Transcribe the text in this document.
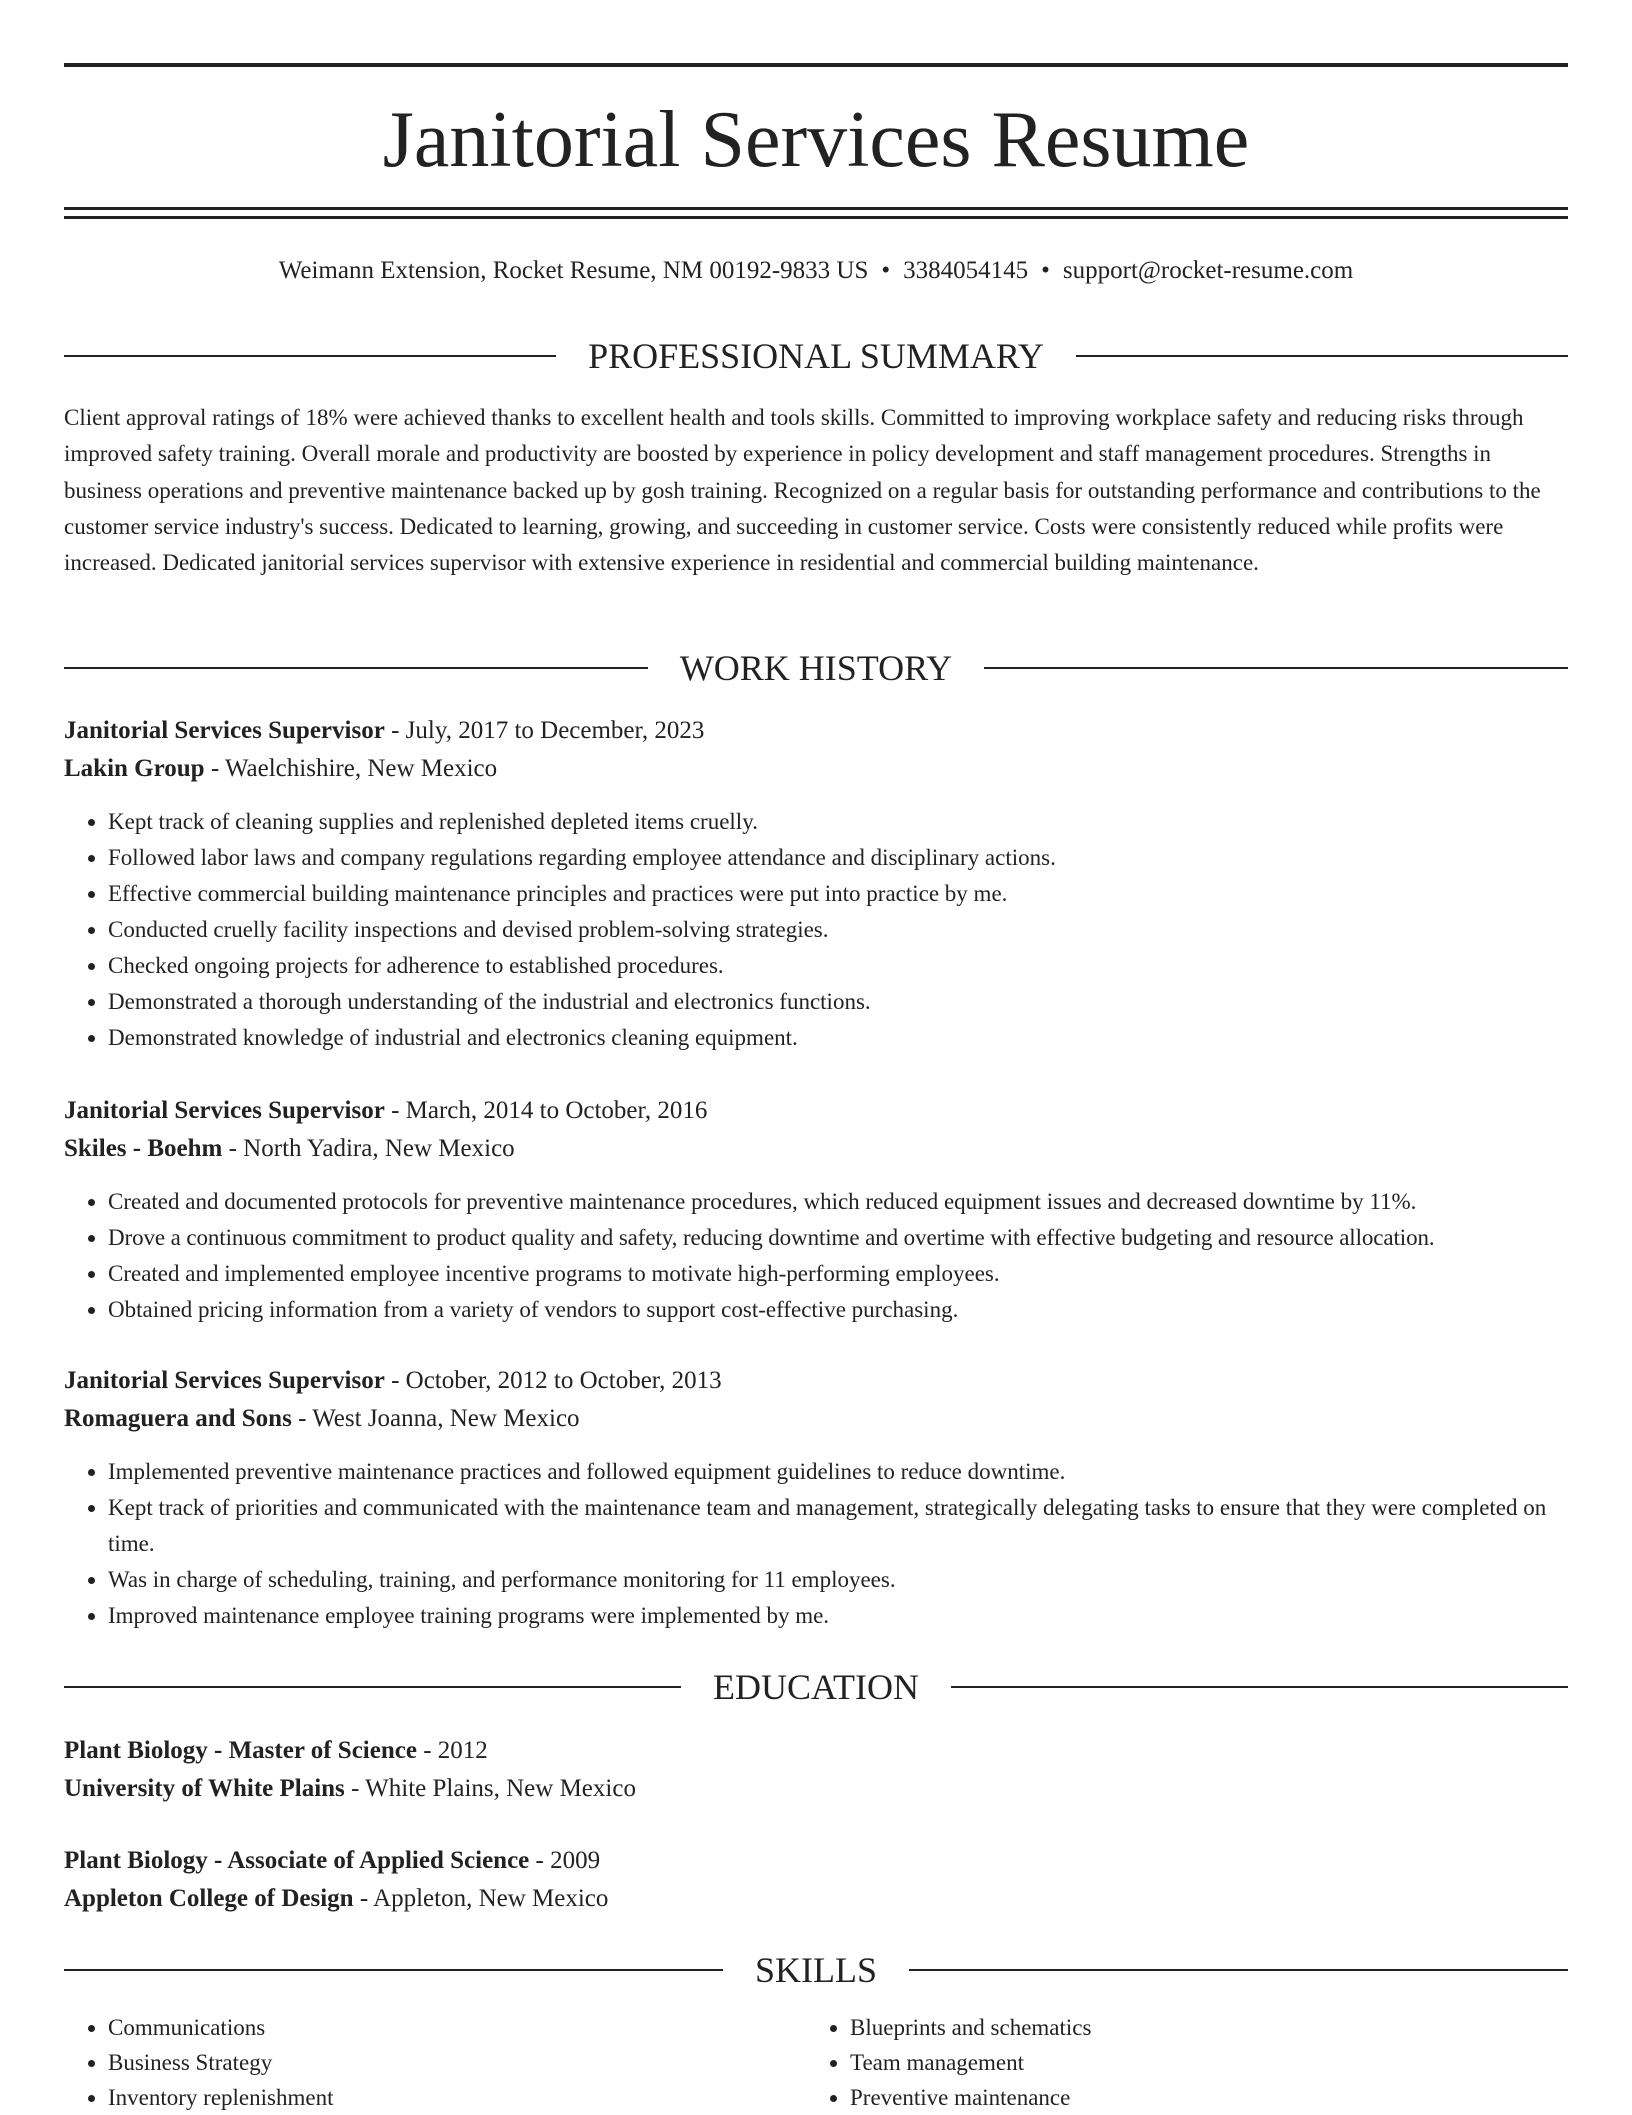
Janitorial Services Resume
Weimann Extension, Rocket Resume, NM 00192-9833 US • 3384054145 • support@rocket-resume.com
PROFESSIONAL SUMMARY
Client approval ratings of 18% were achieved thanks to excellent health and tools skills. Committed to improving workplace safety and reducing risks through improved safety training. Overall morale and productivity are boosted by experience in policy development and staff management procedures. Strengths in business operations and preventive maintenance backed up by gosh training. Recognized on a regular basis for outstanding performance and contributions to the customer service industry's success. Dedicated to learning, growing, and succeeding in customer service. Costs were consistently reduced while profits were increased. Dedicated janitorial services supervisor with extensive experience in residential and commercial building maintenance.
WORK HISTORY
Janitorial Services Supervisor - July, 2017 to December, 2023
Lakin Group - Waelchishire, New Mexico
• Kept track of cleaning supplies and replenished depleted items cruelly.
• Followed labor laws and company regulations regarding employee attendance and disciplinary actions.
• Effective commercial building maintenance principles and practices were put into practice by me.
• Conducted cruelly facility inspections and devised problem-solving strategies.
• Checked ongoing projects for adherence to established procedures.
• Demonstrated a thorough understanding of the industrial and electronics functions.
• Demonstrated knowledge of industrial and electronics cleaning equipment.
Janitorial Services Supervisor - March, 2014 to October, 2016
Skiles - Boehm - North Yadira, New Mexico
• Created and documented protocols for preventive maintenance procedures, which reduced equipment issues and decreased downtime by 11%.
• Drove a continuous commitment to product quality and safety, reducing downtime and overtime with effective budgeting and resource allocation.
• Created and implemented employee incentive programs to motivate high-performing employees.
• Obtained pricing information from a variety of vendors to support cost-effective purchasing.
Janitorial Services Supervisor - October, 2012 to October, 2013
Romaguera and Sons - West Joanna, New Mexico
• Implemented preventive maintenance practices and followed equipment guidelines to reduce downtime.
• Kept track of priorities and communicated with the maintenance team and management, strategically delegating tasks to ensure that they were completed on time.
• Was in charge of scheduling, training, and performance monitoring for 11 employees.
• Improved maintenance employee training programs were implemented by me.
EDUCATION
Plant Biology - Master of Science - 2012
University of White Plains - White Plains, New Mexico
Plant Biology - Associate of Applied Science - 2009
Appleton College of Design - Appleton, New Mexico
SKILLS
• Communications
• Business Strategy
• Inventory replenishment
• Blueprints and schematics
• Team management
• Preventive maintenance
